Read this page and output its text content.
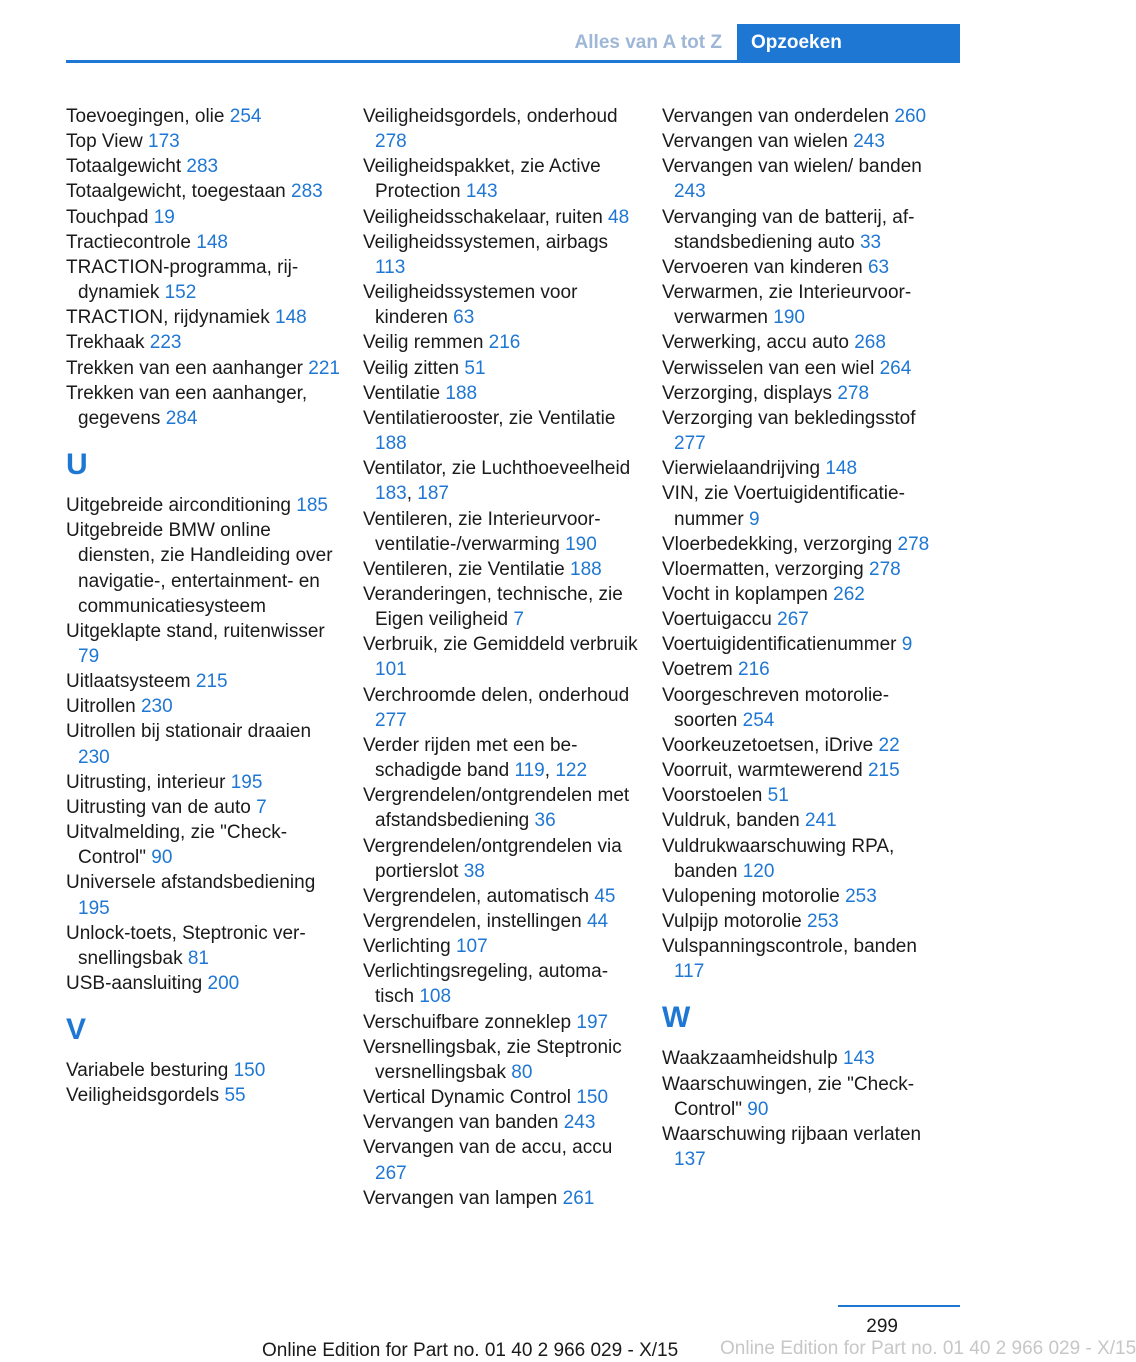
Alles van A tot Z	Opzoeken
Toevoegingen, olie 254
Top View 173
Totaalgewicht 283
Totaalgewicht, toegestaan 283
Touchpad 19
Tractiecontrole 148
TRACTION-programma, rijdynamiek 152
TRACTION, rijdynamiek 148
Trekhaak 223
Trekken van een aanhanger 221
Trekken van een aanhanger, gegevens 284
U
Uitgebreide airconditioning 185
Uitgebreide BMW online diensten, zie Handleiding over navigatie-, entertainment- en communicatiesysteem
Uitgeklapte stand, ruitenwisser 79
Uitlaatsysteem 215
Uitrollen 230
Uitrollen bij stationair draaien 230
Uitrusting, interieur 195
Uitrusting van de auto 7
Uitvalmelding, zie "Check-Control" 90
Universele afstandsbediening 195
Unlock-toets, Steptronic versnellingsbak 81
USB-aansluiting 200
V
Variabele besturing 150
Veiligheidsgordels 55
Veiligheidsgordels, onderhoud 278
Veiligheidspakket, zie Active Protection 143
Veiligheidsschakelaar, ruiten 48
Veiligheidssystemen, airbags 113
Veiligheidssystemen voor kinderen 63
Veilig remmen 216
Veilig zitten 51
Ventilatie 188
Ventilatierooster, zie Ventilatie 188
Ventilator, zie Luchthoeveelheid 183, 187
Ventileren, zie Interieurvoorventilatie-/verwarming 190
Ventileren, zie Ventilatie 188
Veranderingen, technische, zie Eigen veiligheid 7
Verbruik, zie Gemiddeld verbruik 101
Verchroomde delen, onderhoud 277
Verder rijden met een beschadigde band 119, 122
Vergrendelen/ontgrendelen met afstandsbediening 36
Vergrendelen/ontgrendelen via portierslot 38
Vergrendelen, automatisch 45
Vergrendelen, instellingen 44
Verlichting 107
Verlichtingsregeling, automatisch 108
Verschuifbare zonneklep 197
Versnellingsbak, zie Steptronic versnellingsbak 80
Vertical Dynamic Control 150
Vervangen van banden 243
Vervangen van de accu, accu 267
Vervangen van lampen 261
Vervangen van onderdelen 260
Vervangen van wielen 243
Vervangen van wielen/ banden 243
Vervanging van de batterij, afstandsbediening auto 33
Vervoeren van kinderen 63
Verwarmen, zie Interieurvoorverwarmen 190
Verwerking, accu auto 268
Verwisselen van een wiel 264
Verzorging, displays 278
Verzorging van bekledingsstof 277
Vierwielaandrijving 148
VIN, zie Voertuigidentificatienummer 9
Vloerbedekking, verzorging 278
Vloermatten, verzorging 278
Vocht in koplampen 262
Voertuigaccu 267
Voertuigidentificatienummer 9
Voetrem 216
Voorgeschreven motoroliesoorten 254
Voorkeuzetoetsen, iDrive 22
Voorruit, warmtewerend 215
Voorstoelen 51
Vuldruk, banden 241
Vuldrukwaarschuwing RPA, banden 120
Vulopening motorolie 253
Vulpijp motorolie 253
Vulspanningscontrole, banden 117
W
Waakzaamheidshulp 143
Waarschuwingen, zie "Check-Control" 90
Waarschuwing rijbaan verlaten 137
299
Online Edition for Part no. 01 40 2 966 029 - X/15 Online Edition for Part no. 01 40 2 966 029 - X/15
